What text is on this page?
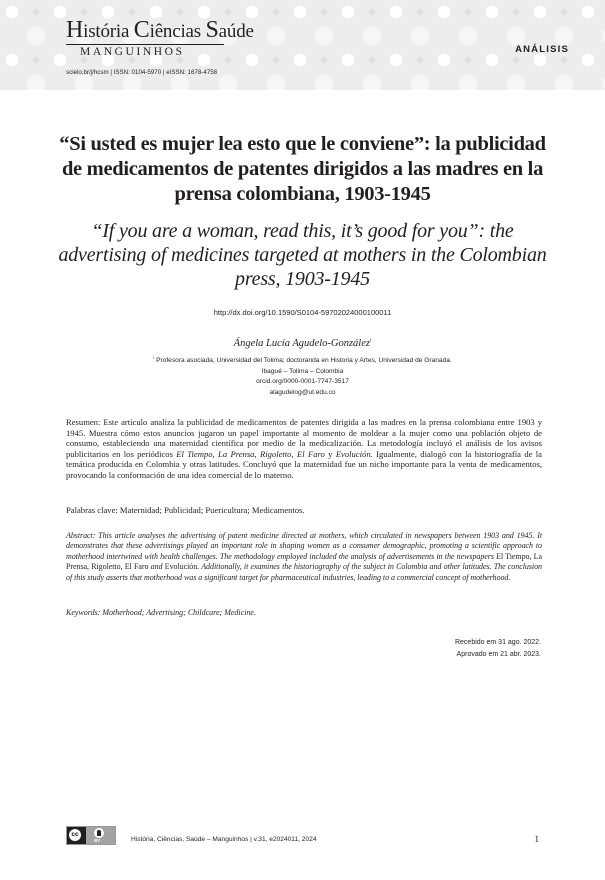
História Ciências Saúde
MANGUINHOS
scielo.br/j/hcsm | ISSN: 0104-5970 | eISSN: 1678-4758
ANÁLISIS
“Si usted es mujer lea esto que le conviene”: la publicidad de medicamentos de patentes dirigidos a las madres en la prensa colombiana, 1903-1945
“If you are a woman, read this, it’s good for you”: the advertising of medicines targeted at mothers in the Colombian press, 1903-1945
http://dx.doi.org/10.1590/S0104-59702024000100011
Ángela Lucía Agudelo-González$^i$
$^i$ Profesora asociada, Universidad del Tolima; doctoranda en Historia y Artes, Universidad de Granada.
Ibagué – Tolima – Colombia
orcid.org/0000-0001-7747-3517
alagudelog@ut.edu.co

Resumen: Este artículo analiza la publicidad de medicamentos de patentes dirigida a las madres en la prensa colombiana entre 1903 y 1945. Muestra cómo estos anuncios jugaron un papel importante al momento de moldear a la mujer como una población objeto de consumo, estableciendo una maternidad científica por medio de la medicalización. La metodología incluyó el análisis de los avisos publicitarios en los periódicos El Tiempo, La Prensa, Rigoletto, El Faro y Evolución. Igualmente, dialogó con la historiografía de la temática producida en Colombia y otras latitudes. Concluyó que la maternidad fue un nicho importante para la venta de medicamentos, provocando la conformación de una idea comercial de lo materno.

Palabras clave: Maternidad; Publicidad; Puericultura; Medicamentos.

Abstract: This article analyses the advertising of patent medicine directed at mothers, which circulated in newspapers between 1903 and 1945. It demonstrates that these advertisings played an important role in shaping women as a consumer demographic, promoting a scientific approach to motherhood intertwined with health challenges. The methodology employed included the analysis of advertisements in the newspapers El Tiempo, La Prensa, Rigoletto, El Faro and Evolución. Additionally, it examines the historiography of the subject in Colombia and other latitudes. The conclusion of this study asserts that motherhood was a significant target for pharmaceutical industries, leading to a commercial concept of motherhood.

Keywords: Motherhood; Advertising; Childcare; Medicine.

Recebido em 31 ago. 2022.
Aprovado em 21 abr. 2023.
cc
BY	História, Ciências, Saúde – Manguinhos | v.31, e2024011, 2024	1
